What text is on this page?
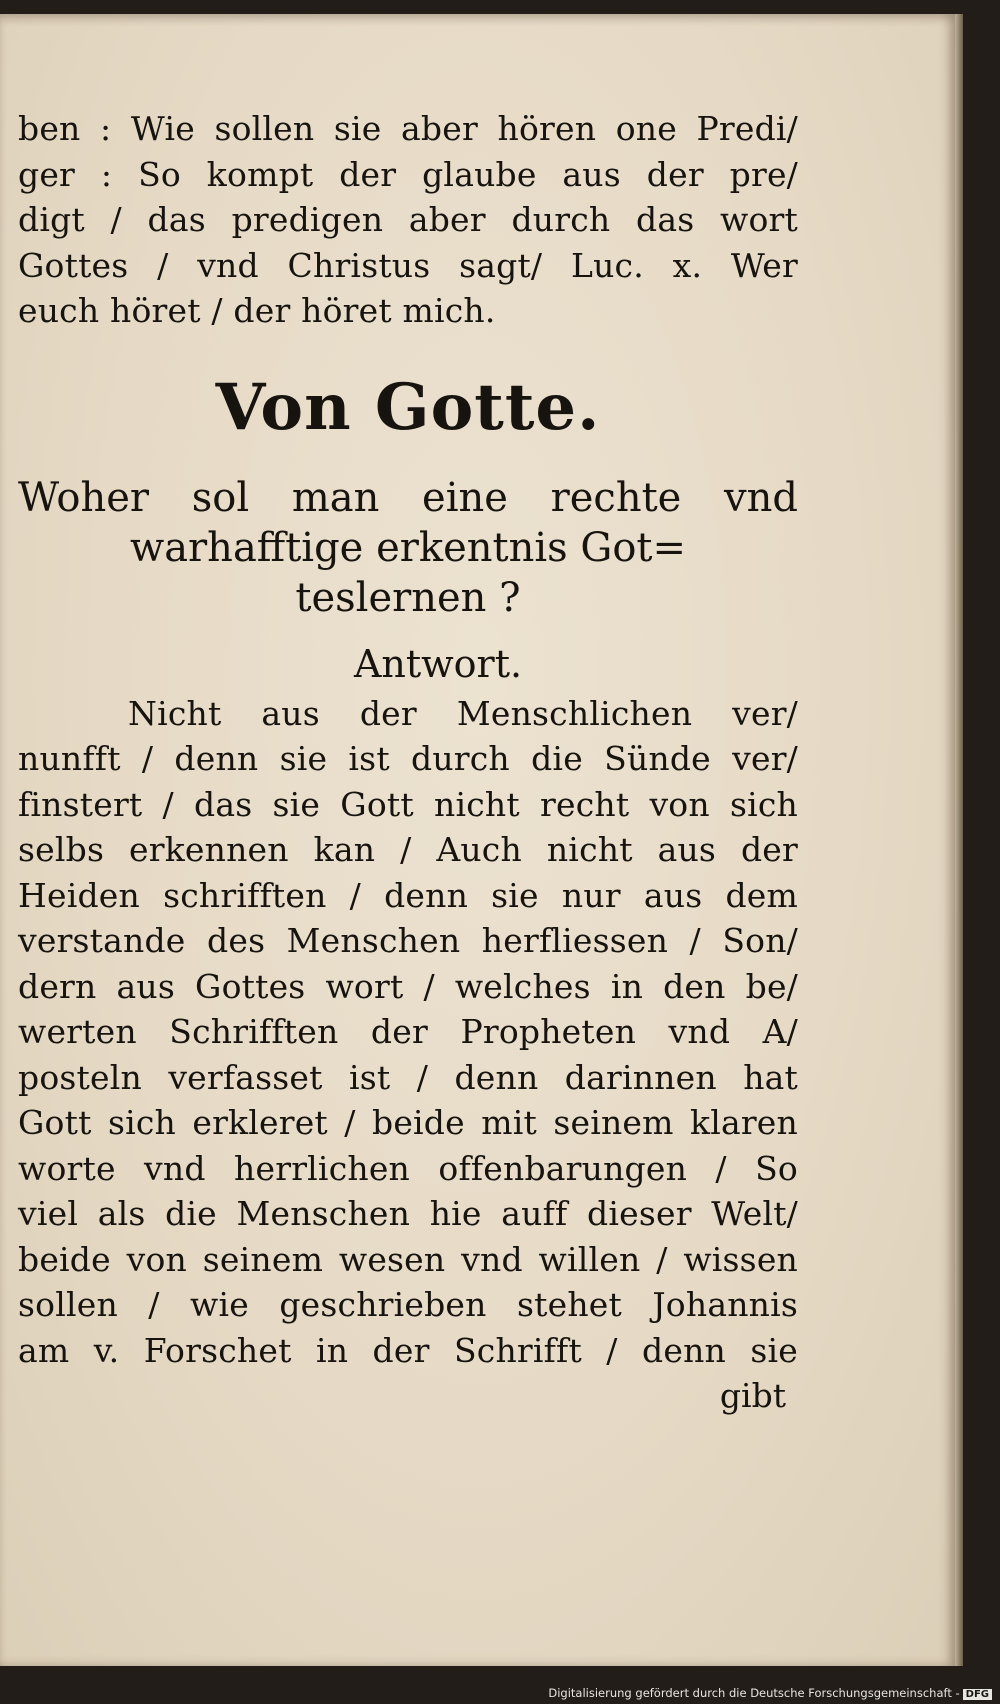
ben : Wie sollen sie aber hören one Predi/
ger : So kompt der glaube aus der pre/
digt / das predigen aber durch das wort
Gottes / vnd Christus sagt/ Luc. x. Wer
euch höret / der höret mich.
Von Gotte.
Woher sol man eine rechte vnd
warhafftige erkentnis Got=
teslernen ?
Antwort.
Nicht aus der Menschlichen ver/
nunfft / denn sie ist durch die Sünde ver/
finstert / das sie Gott nicht recht von sich
selbs erkennen kan / Auch nicht aus der
Heiden schrifften / denn sie nur aus dem
verstande des Menschen herfliessen / Son/
dern aus Gottes wort / welches in den be/
werten Schrifften der Propheten vnd A/
posteln verfasset ist / denn darinnen hat
Gott sich erkleret / beide mit seinem klaren
worte vnd herrlichen offenbarungen / So
viel als die Menschen hie auff dieser Welt/
beide von seinem wesen vnd willen / wissen
sollen / wie geschrieben stehet Johannis
am v. Forschet in der Schrifft / denn sie
gibt
Digitalisierung gefördert durch die Deutsche Forschungsgemeinschaft - DFG
